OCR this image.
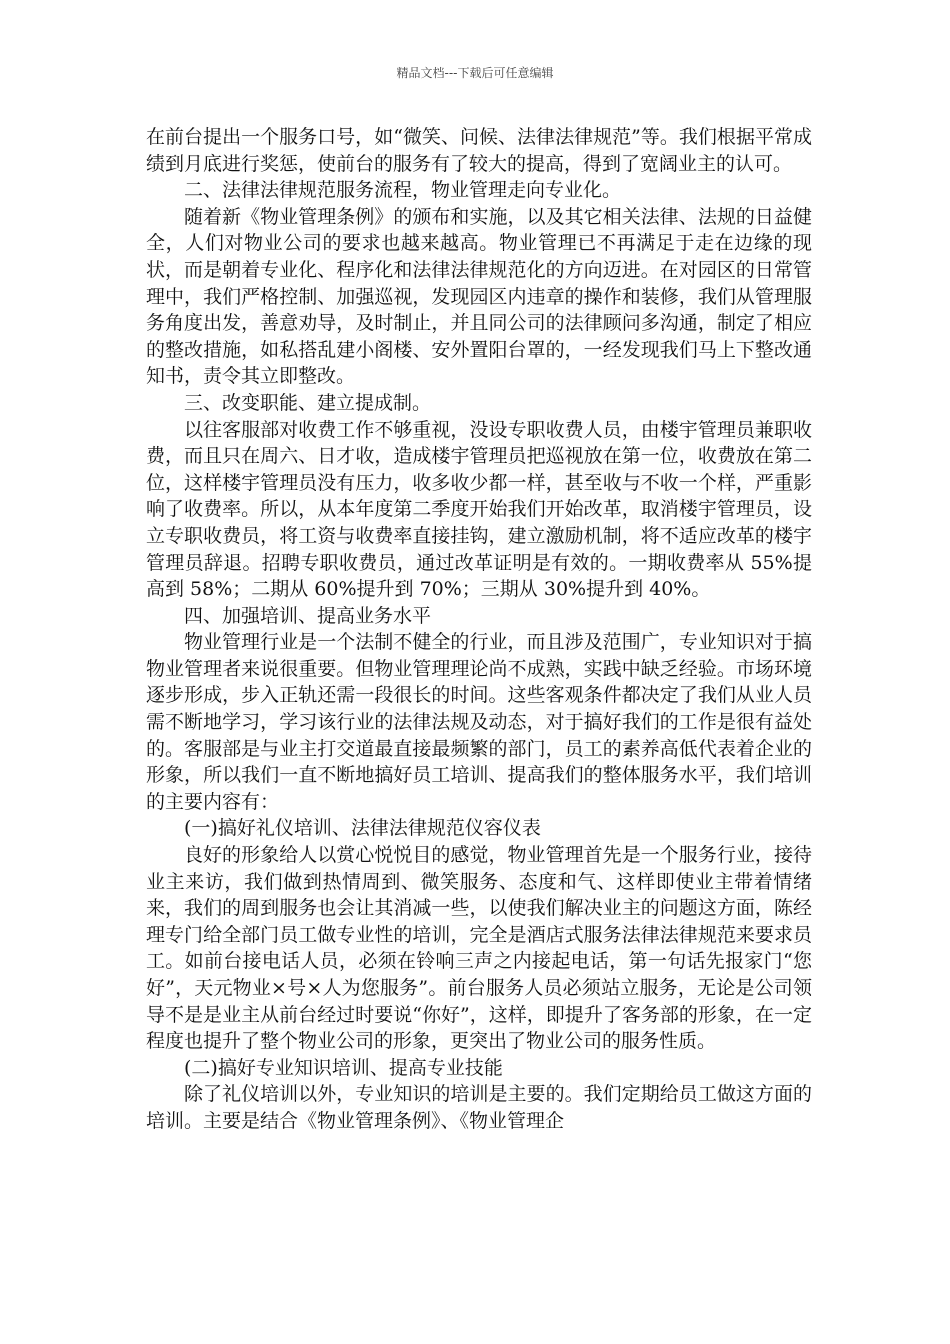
精品文档---下载后可任意编辑

在前台提出一个服务口号，如“微笑、问候、法律法律规范”等。我们根据平常成绩到月底进行奖惩，使前台的服务有了较大的提高，得到了宽阔业主的认可。

二、法律法律规范服务流程，物业管理走向专业化。

随着新《物业管理条例》的颁布和实施，以及其它相关法律、法规的日益健全，人们对物业公司的要求也越来越高。物业管理已不再满足于走在边缘的现状，而是朝着专业化、程序化和法律法律规范化的方向迈进。在对园区的日常管理中，我们严格控制、加强巡视，发现园区内违章的操作和装修，我们从管理服务角度出发，善意劝导，及时制止，并且同公司的法律顾问多沟通，制定了相应的整改措施，如私搭乱建小阁楼、安外置阳台罩的，一经发现我们马上下整改通知书，责令其立即整改。

三、改变职能、建立提成制。

以往客服部对收费工作不够重视，没设专职收费人员，由楼宇管理员兼职收费，而且只在周六、日才收，造成楼宇管理员把巡视放在第一位，收费放在第二位，这样楼宇管理员没有压力，收多收少都一样，甚至收与不收一个样，严重影响了收费率。所以，从本年度第二季度开始我们开始改革，取消楼宇管理员，设立专职收费员，将工资与收费率直接挂钩，建立激励机制，将不适应改革的楼宇管理员辞退。招聘专职收费员，通过改革证明是有效的。一期收费率从 55%提高到 58%；二期从 60%提升到 70%；三期从 30%提升到 40%。

四、加强培训、提高业务水平

物业管理行业是一个法制不健全的行业，而且涉及范围广，专业知识对于搞物业管理者来说很重要。但物业管理理论尚不成熟，实践中缺乏经验。市场环境逐步形成，步入正轨还需一段很长的时间。这些客观条件都决定了我们从业人员需不断地学习，学习该行业的法律法规及动态，对于搞好我们的工作是很有益处的。客服部是与业主打交道最直接最频繁的部门，员工的素养高低代表着企业的形象，所以我们一直不断地搞好员工培训、提高我们的整体服务水平，我们培训的主要内容有：

(一)搞好礼仪培训、法律法律规范仪容仪表

良好的形象给人以赏心悦悦目的感觉，物业管理首先是一个服务行业，接待业主来访，我们做到热情周到、微笑服务、态度和气、这样即使业主带着情绪来，我们的周到服务也会让其消减一些，以使我们解决业主的问题这方面，陈经理专门给全部门员工做专业性的培训，完全是酒店式服务法律法律规范来要求员工。如前台接电话人员，必须在铃响三声之内接起电话，第一句话先报家门“您好”，天元物业×号×人为您服务”。前台服务人员必须站立服务，无论是公司领导不是是业主从前台经过时要说“你好”，这样，即提升了客务部的形象，在一定程度也提升了整个物业公司的形象，更突出了物业公司的服务性质。

(二)搞好专业知识培训、提高专业技能

除了礼仪培训以外，专业知识的培训是主要的。我们定期给员工做这方面的培训。主要是结合《物业管理条例》、《物业管理企
